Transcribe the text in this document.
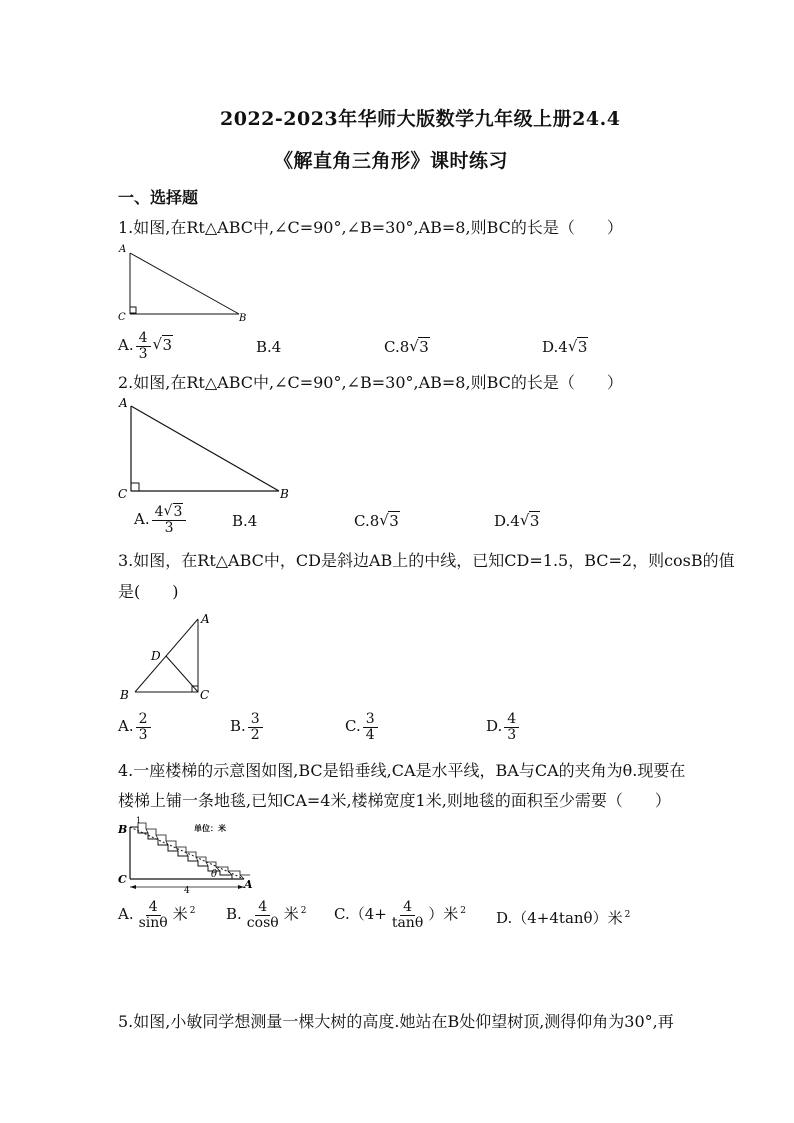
2022-2023年华师大版数学九年级上册24.4
《解直角三角形》课时练习
一、选择题
1.如图,在Rt△ABC中,∠C=90°,∠B=30°,AB=8,则BC的长是（　　）
A
C	B
A. $\frac{4}{3}$ √ 3	B.4	C.8 √ 3	D.4 √ 3
2.如图,在Rt△ABC中,∠C=90°,∠B=30°,AB=8,则BC的长是（　　）
A
C	B
A. $\frac{4 √ 3}{3}$	B.4	C.8 √ 3	D.4 √ 3
3.如图，在Rt△ABC中，CD是斜边AB上的中线，已知CD=1.5，BC=2，则cosB的值
是(　　)
A
D
B	C
A. $\frac{2}{3}$	B. $\frac{3}{2}$	C. $\frac{3}{4}$	D. $\frac{4}{3}$
4.一座楼梯的示意图如图,BC是铅垂线,CA是水平线，BA与CA的夹角为θ.现要在
楼梯上铺一条地毯,已知CA=4米,楼梯宽度1米,则地毯的面积至少需要（　　）
B
C	A
1
单位：米
4
θ
A. $\frac{4}{\sin\theta}$ 米 $^2$ B. $\frac{4}{\cos\theta}$ 米 $^2$ $C.(4+ \frac{4}{\tan\theta}$ ）米 $^2$ D.（4+4tanθ）米 $^2$
5.如图,小敏同学想测量一棵大树的高度.她站在B处仰望树顶,测得仰角为30°,再
